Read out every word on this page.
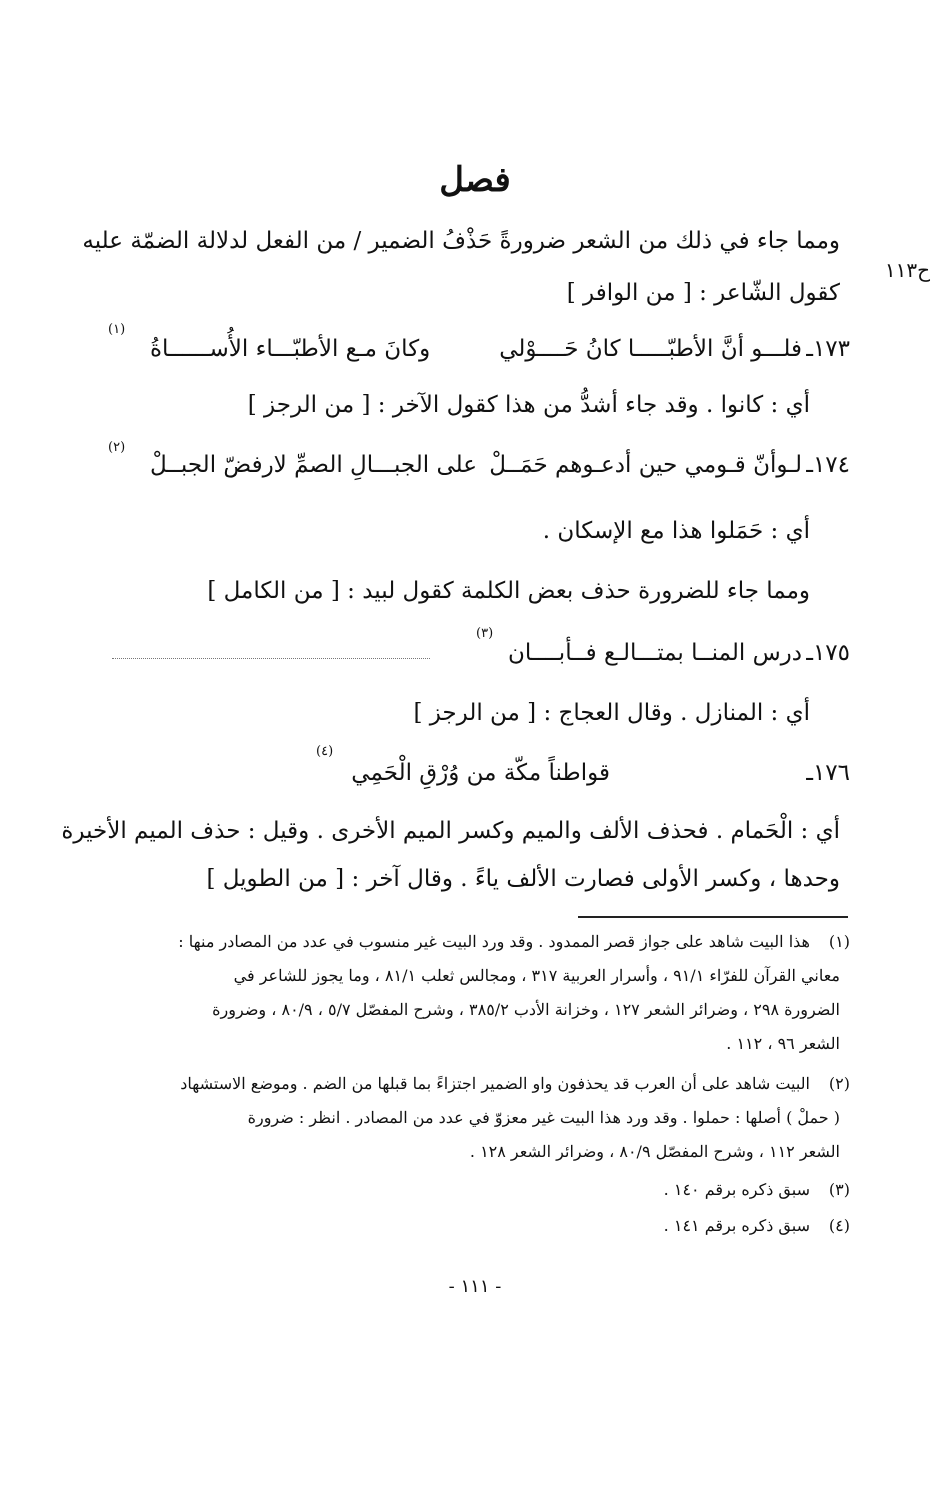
فصل
ح١١٣
ومما جاء في ذلك من الشعر ضرورةً حَذْفُ الضمير / من الفعل لدلالة الضمّة عليه
كقول الشّاعر : [ من الوافر ]
١٧٣ـ
فلـــو أنَّ الأطبّـــــا كانُ حَــــوْلي
وكانَ مـع الأطبّـــاء الأُســــــاةُ
(١)
أي : كانوا . وقد جاء أشدُّ من هذا كقول الآخر : [ من الرجز ]
١٧٤ـ
لـوأنّ قـومي حين أدعـوهم حَمَــلْ
على الجبـــالِ الصمِّ لارفضّ الجبــلْ
(٢)
أي : حَمَلوا هذا مع الإسكان .
ومما جاء للضرورة حذف بعض الكلمة كقول لبيد : [ من الكامل ]
١٧٥ـ
درس المنــا بمتـــالـع فــأبــــان
(٣)
أي : المنازل . وقال العجاج : [ من الرجز ]
١٧٦ـ
قواطناً مكّة من وُرْقِ الْحَمِي
(٤)
أي : الْحَمام . فحذف الألف والميم وكسر الميم الأخرى . وقيل : حذف الميم الأخيرة
وحدها ، وكسر الأولى فصارت الألف ياءً . وقال آخر : [ من الطويل ]
(١)
هذا البيت شاهد على جواز قصر الممدود . وقد ورد البيت غير منسوب في عدد من المصادر منها :
معاني القرآن للفرّاء ٩١/١ ، وأسرار العربية ٣١٧ ، ومجالس ثعلب ٨١/١ ، وما يجوز للشاعر في
الضرورة ٢٩٨ ، وضرائر الشعر ١٢٧ ، وخزانة الأدب ٣٨٥/٢ ، وشرح المفصّل ٥/٧ ، ٨٠/٩ ، وضرورة
الشعر ٩٦ ، ١١٢ .
(٢)
البيت شاهد على أن العرب قد يحذفون واو الضمير اجتزاءً بما قبلها من الضم . وموضع الاستشهاد
( حملْ ) أصلها : حملوا . وقد ورد هذا البيت غير معزوّ في عدد من المصادر . انظر : ضرورة
الشعر ١١٢ ، وشرح المفصّل ٨٠/٩ ، وضرائر الشعر ١٢٨ .
(٣)
سبق ذكره برقم ١٤٠ .
(٤)
سبق ذكره برقم ١٤١ .
- ١١١ -
